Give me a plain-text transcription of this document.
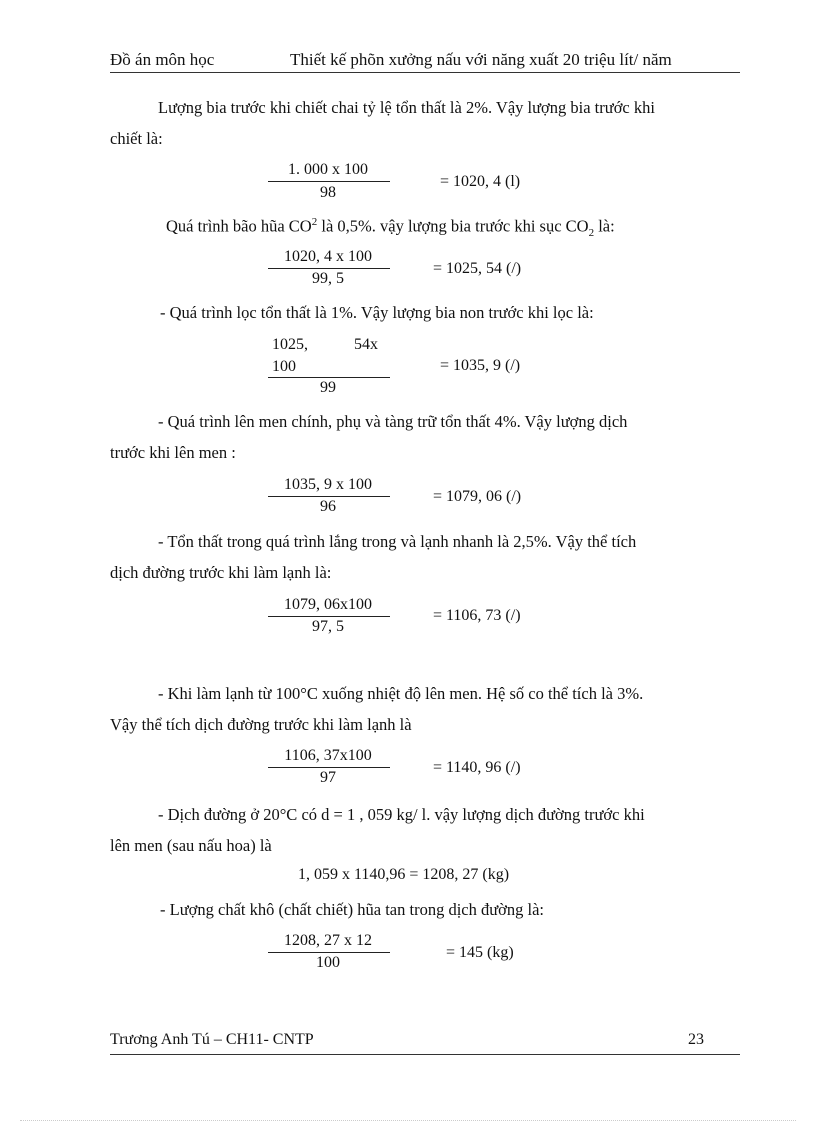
Đồ án môn học	Thiết kế phõn xưởng nấu với năng xuất 20 triệu lít/ năm
Lượng bia trước khi chiết chai tỷ lệ tổn thất là 2%. Vậy lượng bia trước khi
chiết là:
1. 000 x 100
98
= 1020, 4 (l)
Quá trình bão hũa $CO^2$ là 0,5%. vậy lượng bia trước khi sục $CO_2$ là:
1020, 4 x 100
99, 5
= 1025, 54 (/)
- Quá trình lọc tổn thất là 1%. Vậy lượng bia non trước khi lọc là:
1025,	54x
100
99
= 1035, 9 (/)
- Quá trình lên men chính, phụ và tàng trữ tổn thất 4%. Vậy lượng dịch
trước khi lên men :
1035, 9 x 100
96
= 1079, 06 (/)
- Tổn thất trong quá trình lắng trong và lạnh nhanh là 2,5%. Vậy thể tích
dịch đường trước khi làm lạnh là:
1079, 06x100
97, 5
= 1106, 73 (/)
- Khi làm lạnh từ 100°C xuống nhiệt độ lên men. Hệ số co thể tích là 3%.
Vậy thể tích dịch đường trước khi làm lạnh là
1106, 37x100
97
= 1140, 96 (/)
- Dịch đường ở 20°C có d = 1 , 059 kg/ l. vậy lượng dịch đường trước khi
lên men (sau nấu hoa) là
1, 059 x 1140,96 = 1208, 27 (kg)
- Lượng chất khô (chất chiết) hũa tan trong dịch đường là:
1208, 27 x 12
100
= 145 (kg)
Trương Anh Tú – CH11- CNTP	23
